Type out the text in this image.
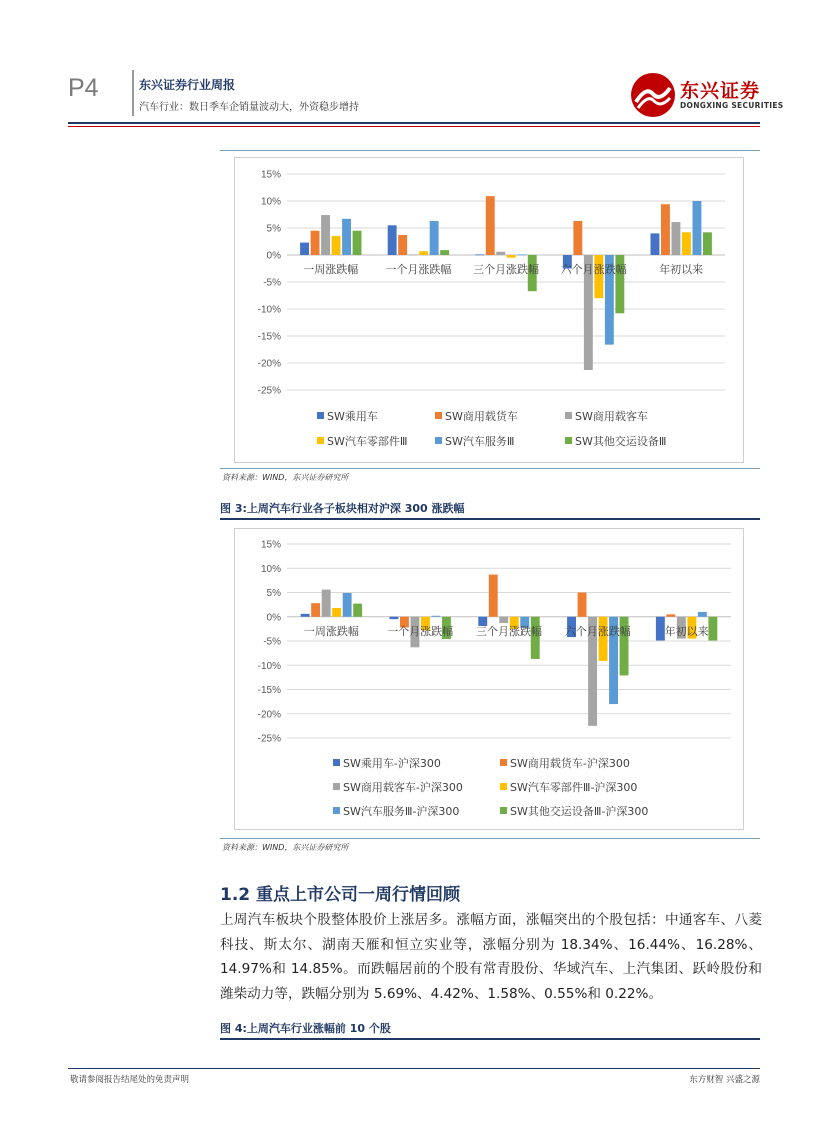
P4	东兴证券行业周报
汽车行业：数日季车企销量波动大，外资稳步增持
东兴证券
DONGXING SECURITIES
15%
10%
5%
0%
-5%
-10%
-15%
-20%
-25%
一周涨跌幅 一个月涨跌幅 三个月涨跌幅 六个月涨跌幅	年初以来
SW乘用车	SW商用载货车	SW商用载客车
SW汽车零部件Ⅲ	SW汽车服务Ⅲ	SW其他交运设备Ⅲ
资料来源：WIND，东兴证券研究所
图 3:上周汽车行业各子板块相对沪深 300 涨跌幅
15%
10%
5%
0%
-5%
-10%
-15%
-20%
-25%
一周涨跌幅	一个月涨跌幅 三个月涨跌幅 六个月涨跌幅	年初以来
SW乘用车-沪深300	SW商用载货车-沪深300
SW商用载客车-沪深300	SW汽车零部件Ⅲ-沪深300
SW汽车服务Ⅲ-沪深300	SW其他交运设备Ⅲ-沪深300
资料来源：WIND，东兴证券研究所
1.2 重点上市公司一周行情回顾
上周汽车板块个股整体股价上涨居多。涨幅方面，涨幅突出的个股包括：中通客车、八菱科技、斯太尔、湖南天雁和恒立实业等，涨幅分别为 18.34%、16.44%、16.28%、14.97%和 14.85%。而跌幅居前的个股有常青股份、华域汽车、上汽集团、跃岭股份和潍柴动力等，跌幅分别为 5.69%、4.42%、1.58%、0.55%和 0.22%。
图 4:上周汽车行业涨幅前 10 个股
敬请参阅报告结尾处的免责声明	东方财智 兴盛之源
